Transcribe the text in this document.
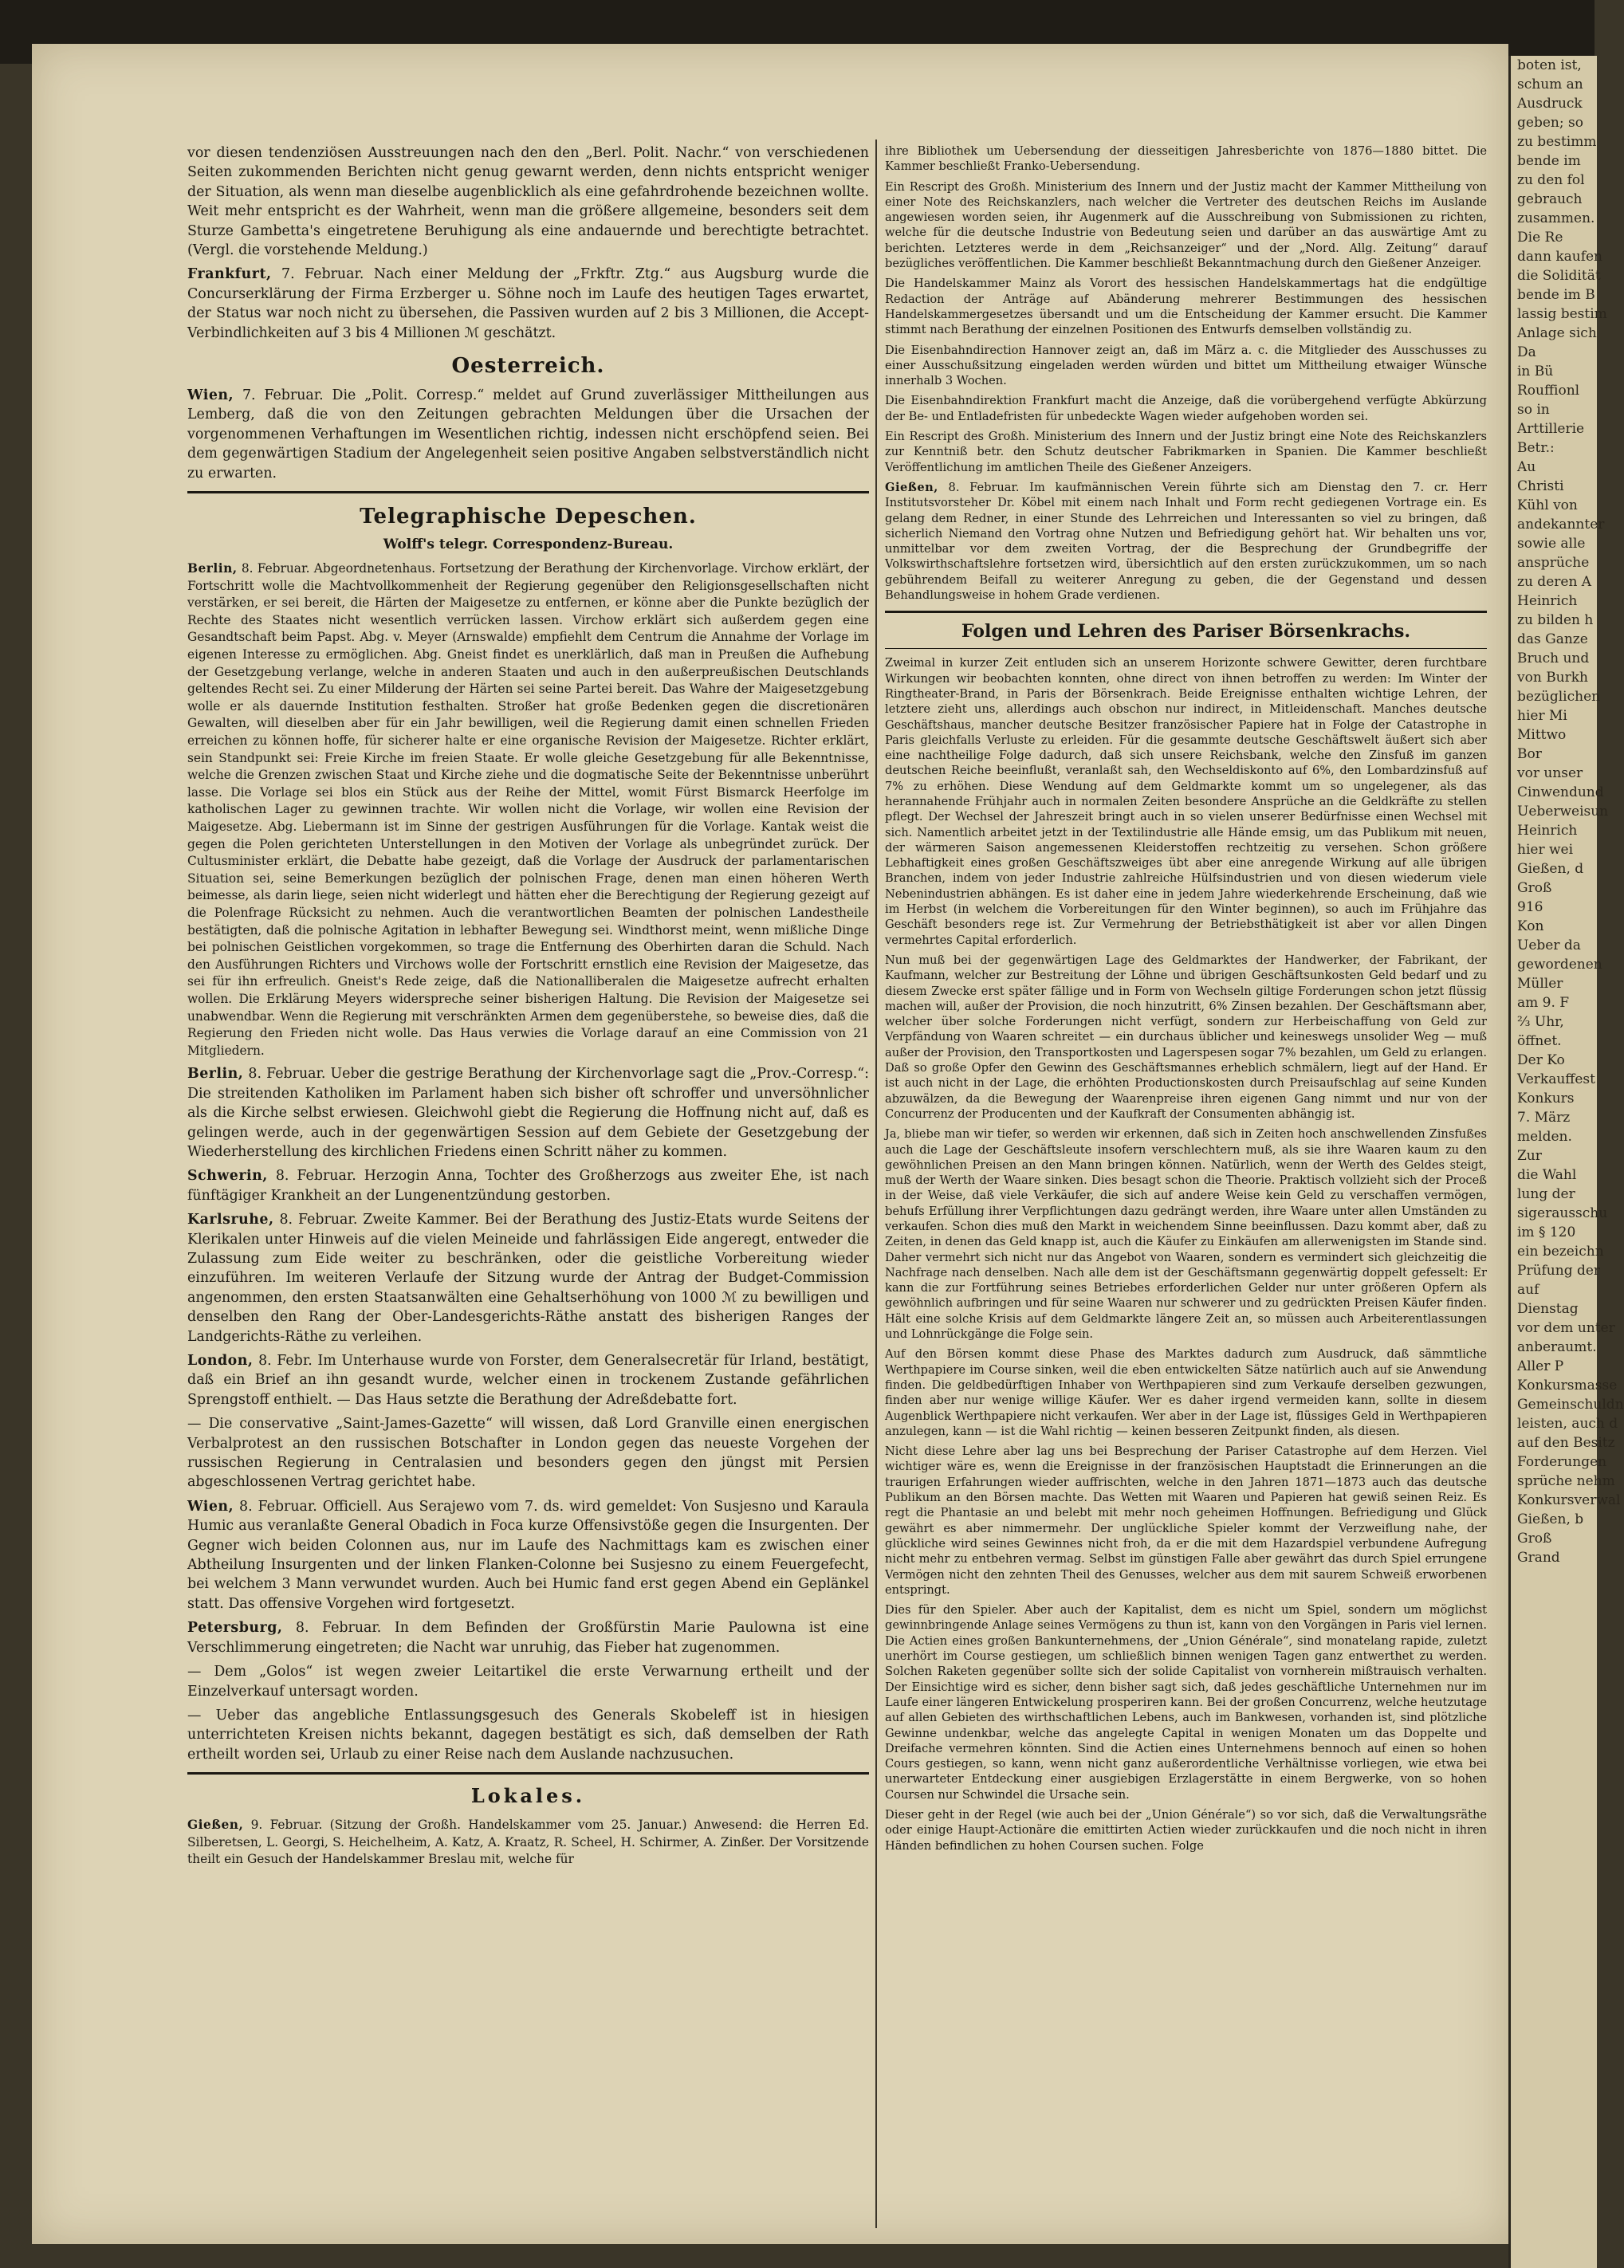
vor diesen tendenziösen Ausstreuungen nach den den „Berl. Polit. Nachr.“ von verschiedenen Seiten zukommenden Berichten nicht genug gewarnt werden, denn nichts entspricht weniger der Situation, als wenn man dieselbe augenblicklich als eine gefahrdrohende bezeichnen wollte. Weit mehr entspricht es der Wahrheit, wenn man die größere allgemeine, besonders seit dem Sturze Gambetta's eingetretene Beruhigung als eine andauernde und berechtigte betrachtet. (Vergl. die vorstehende Meldung.)

Frankfurt, 7. Februar. Nach einer Meldung der „Frkftr. Ztg.“ aus Augsburg wurde die Concurserklärung der Firma Erzberger u. Söhne noch im Laufe des heutigen Tages erwartet, der Status war noch nicht zu übersehen, die Passiven wurden auf 2 bis 3 Millionen, die Accept-Verbindlichkeiten auf 3 bis 4 Millionen ℳ geschätzt.

Oesterreich.

Wien, 7. Februar. Die „Polit. Corresp.“ meldet auf Grund zuverlässiger Mittheilungen aus Lemberg, daß die von den Zeitungen gebrachten Meldungen über die Ursachen der vorgenommenen Verhaftungen im Wesentlichen richtig, indessen nicht erschöpfend seien. Bei dem gegenwärtigen Stadium der Angelegenheit seien positive Angaben selbstverständlich nicht zu erwarten.

Telegraphische Depeschen.
Wolff's telegr. Correspondenz-Bureau.

Berlin, 8. Februar. Abgeordnetenhaus. Fortsetzung der Berathung der Kirchenvorlage. Virchow erklärt, der Fortschritt wolle die Machtvollkommenheit der Regierung gegenüber den Religionsgesellschaften nicht verstärken, er sei bereit, die Härten der Maigesetze zu entfernen, er könne aber die Punkte bezüglich der Rechte des Staates nicht wesentlich verrücken lassen. Virchow erklärt sich außerdem gegen eine Gesandtschaft beim Papst. Abg. v. Meyer (Arnswalde) empfiehlt dem Centrum die Annahme der Vorlage im eigenen Interesse zu ermöglichen. Abg. Gneist findet es unerklärlich, daß man in Preußen die Aufhebung der Gesetzgebung verlange, welche in anderen Staaten und auch in den außerpreußischen Deutschlands geltendes Recht sei. Zu einer Milderung der Härten sei seine Partei bereit. Das Wahre der Maigesetzgebung wolle er als dauernde Institution festhalten. Stroßer hat große Bedenken gegen die discretionären Gewalten, will dieselben aber für ein Jahr bewilligen, weil die Regierung damit einen schnellen Frieden erreichen zu können hoffe, für sicherer halte er eine organische Revision der Maigesetze. Richter erklärt, sein Standpunkt sei: Freie Kirche im freien Staate. Er wolle gleiche Gesetzgebung für alle Bekenntnisse, welche die Grenzen zwischen Staat und Kirche ziehe und die dogmatische Seite der Bekenntnisse unberührt lasse. Die Vorlage sei blos ein Stück aus der Reihe der Mittel, womit Fürst Bismarck Heerfolge im katholischen Lager zu gewinnen trachte. Wir wollen nicht die Vorlage, wir wollen eine Revision der Maigesetze. Abg. Liebermann ist im Sinne der gestrigen Ausführungen für die Vorlage. Kantak weist die gegen die Polen gerichteten Unterstellungen in den Motiven der Vorlage als unbegründet zurück. Der Cultusminister erklärt, die Debatte habe gezeigt, daß die Vorlage der Ausdruck der parlamentarischen Situation sei, seine Bemerkungen bezüglich der polnischen Frage, denen man einen höheren Werth beimesse, als darin liege, seien nicht widerlegt und hätten eher die Berechtigung der Regierung gezeigt auf die Polenfrage Rücksicht zu nehmen. Auch die verantwortlichen Beamten der polnischen Landestheile bestätigten, daß die polnische Agitation in lebhafter Bewegung sei. Windthorst meint, wenn mißliche Dinge bei polnischen Geistlichen vorgekommen, so trage die Entfernung des Oberhirten daran die Schuld. Nach den Ausführungen Richters und Virchows wolle der Fortschritt ernstlich eine Revision der Maigesetze, das sei für ihn erfreulich. Gneist's Rede zeige, daß die Nationalliberalen die Maigesetze aufrecht erhalten wollen. Die Erklärung Meyers widerspreche seiner bisherigen Haltung. Die Revision der Maigesetze sei unabwendbar. Wenn die Regierung mit verschränkten Armen dem gegenüberstehe, so beweise dies, daß die Regierung den Frieden nicht wolle. Das Haus verwies die Vorlage darauf an eine Commission von 21 Mitgliedern.

Berlin, 8. Februar. Ueber die gestrige Berathung der Kirchenvorlage sagt die „Prov.-Corresp.“: Die streitenden Katholiken im Parlament haben sich bisher oft schroffer und unversöhnlicher als die Kirche selbst erwiesen. Gleichwohl giebt die Regierung die Hoffnung nicht auf, daß es gelingen werde, auch in der gegenwärtigen Session auf dem Gebiete der Gesetzgebung der Wiederherstellung des kirchlichen Friedens einen Schritt näher zu kommen.

Schwerin, 8. Februar. Herzogin Anna, Tochter des Großherzogs aus zweiter Ehe, ist nach fünftägiger Krankheit an der Lungenentzündung gestorben.

Karlsruhe, 8. Februar. Zweite Kammer. Bei der Berathung des Justiz-Etats wurde Seitens der Klerikalen unter Hinweis auf die vielen Meineide und fahrlässigen Eide angeregt, entweder die Zulassung zum Eide weiter zu beschränken, oder die geistliche Vorbereitung wieder einzuführen. Im weiteren Verlaufe der Sitzung wurde der Antrag der Budget-Commission angenommen, den ersten Staatsanwälten eine Gehaltserhöhung von 1000 ℳ zu bewilligen und denselben den Rang der Ober-Landesgerichts-Räthe anstatt des bisherigen Ranges der Landgerichts-Räthe zu verleihen.

London, 8. Febr. Im Unterhause wurde von Forster, dem Generalsecretär für Irland, bestätigt, daß ein Brief an ihn gesandt wurde, welcher einen in trockenem Zustande gefährlichen Sprengstoff enthielt. — Das Haus setzte die Berathung der Adreßdebatte fort.

— Die conservative „Saint-James-Gazette“ will wissen, daß Lord Granville einen energischen Verbalprotest an den russischen Botschafter in London gegen das neueste Vorgehen der russischen Regierung in Centralasien und besonders gegen den jüngst mit Persien abgeschlossenen Vertrag gerichtet habe.

Wien, 8. Februar. Officiell. Aus Serajewo vom 7. ds. wird gemeldet: Von Susjesno und Karaula Humic aus veranlaßte General Obadich in Foca kurze Offensivstöße gegen die Insurgenten. Der Gegner wich beiden Colonnen aus, nur im Laufe des Nachmittags kam es zwischen einer Abtheilung Insurgenten und der linken Flanken-Colonne bei Susjesno zu einem Feuergefecht, bei welchem 3 Mann verwundet wurden. Auch bei Humic fand erst gegen Abend ein Geplänkel statt. Das offensive Vorgehen wird fortgesetzt.

Petersburg, 8. Februar. In dem Befinden der Großfürstin Marie Paulowna ist eine Verschlimmerung eingetreten; die Nacht war unruhig, das Fieber hat zugenommen.

— Dem „Golos“ ist wegen zweier Leitartikel die erste Verwarnung ertheilt und der Einzelverkauf untersagt worden.

— Ueber das angebliche Entlassungsgesuch des Generals Skobeleff ist in hiesigen unterrichteten Kreisen nichts bekannt, dagegen bestätigt es sich, daß demselben der Rath ertheilt worden sei, Urlaub zu einer Reise nach dem Auslande nachzusuchen.

Lokales.

Gießen, 9. Februar. (Sitzung der Großh. Handelskammer vom 25. Januar.) Anwesend: die Herren Ed. Silberetsen, L. Georgi, S. Heichelheim, A. Katz, A. Kraatz, R. Scheel, H. Schirmer, A. Zinßer. Der Vorsitzende theilt ein Gesuch der Handelskammer Breslau mit, welche für

ihre Bibliothek um Uebersendung der diesseitigen Jahresberichte von 1876—1880 bittet. Die Kammer beschließt Franko-Uebersendung.

Ein Rescript des Großh. Ministerium des Innern und der Justiz macht der Kammer Mittheilung von einer Note des Reichskanzlers, nach welcher die Vertreter des deutschen Reichs im Auslande angewiesen worden seien, ihr Augenmerk auf die Ausschreibung von Submissionen zu richten, welche für die deutsche Industrie von Bedeutung seien und darüber an das auswärtige Amt zu berichten. Letzteres werde in dem „Reichsanzeiger“ und der „Nord. Allg. Zeitung“ darauf bezügliches veröffentlichen. Die Kammer beschließt Bekanntmachung durch den Gießener Anzeiger.

Die Handelskammer Mainz als Vorort des hessischen Handelskammertags hat die endgültige Redaction der Anträge auf Abänderung mehrerer Bestimmungen des hessischen Handelskammergesetzes übersandt und um die Entscheidung der Kammer ersucht. Die Kammer stimmt nach Berathung der einzelnen Positionen des Entwurfs demselben vollständig zu.

Die Eisenbahndirection Hannover zeigt an, daß im März a. c. die Mitglieder des Ausschusses zu einer Ausschußsitzung eingeladen werden würden und bittet um Mittheilung etwaiger Wünsche innerhalb 3 Wochen.

Die Eisenbahndirektion Frankfurt macht die Anzeige, daß die vorübergehend verfügte Abkürzung der Be- und Entladefristen für unbedeckte Wagen wieder aufgehoben worden sei.

Ein Rescript des Großh. Ministerium des Innern und der Justiz bringt eine Note des Reichskanzlers zur Kenntniß betr. den Schutz deutscher Fabrikmarken in Spanien. Die Kammer beschließt Veröffentlichung im amtlichen Theile des Gießener Anzeigers.

Gießen, 8. Februar. Im kaufmännischen Verein führte sich am Dienstag den 7. cr. Herr Institutsvorsteher Dr. Köbel mit einem nach Inhalt und Form recht gediegenen Vortrage ein. Es gelang dem Redner, in einer Stunde des Lehrreichen und Interessanten so viel zu bringen, daß sicherlich Niemand den Vortrag ohne Nutzen und Befriedigung gehört hat. Wir behalten uns vor, unmittelbar vor dem zweiten Vortrag, der die Besprechung der Grundbegriffe der Volkswirthschaftslehre fortsetzen wird, übersichtlich auf den ersten zurückzukommen, um so nach gebührendem Beifall zu weiterer Anregung zu geben, die der Gegenstand und dessen Behandlungsweise in hohem Grade verdienen.

Folgen und Lehren des Pariser Börsenkrachs.

Zweimal in kurzer Zeit entluden sich an unserem Horizonte schwere Gewitter, deren furchtbare Wirkungen wir beobachten konnten, ohne direct von ihnen betroffen zu werden: Im Winter der Ringtheater-Brand, in Paris der Börsenkrach. Beide Ereignisse enthalten wichtige Lehren, der letztere zieht uns, allerdings auch obschon nur indirect, in Mitleidenschaft. Manches deutsche Geschäftshaus, mancher deutsche Besitzer französischer Papiere hat in Folge der Catastrophe in Paris gleichfalls Verluste zu erleiden. Für die gesammte deutsche Geschäftswelt äußert sich aber eine nachtheilige Folge dadurch, daß sich unsere Reichsbank, welche den Zinsfuß im ganzen deutschen Reiche beeinflußt, veranlaßt sah, den Wechseldiskonto auf 6%, den Lombardzinsfuß auf 7% zu erhöhen. Diese Wendung auf dem Geldmarkte kommt um so ungelegener, als das herannahende Frühjahr auch in normalen Zeiten besondere Ansprüche an die Geldkräfte zu stellen pflegt. Der Wechsel der Jahreszeit bringt auch in so vielen unserer Bedürfnisse einen Wechsel mit sich. Namentlich arbeitet jetzt in der Textilindustrie alle Hände emsig, um das Publikum mit neuen, der wärmeren Saison angemessenen Kleiderstoffen rechtzeitig zu versehen. Schon größere Lebhaftigkeit eines großen Geschäftszweiges übt aber eine anregende Wirkung auf alle übrigen Branchen, indem von jeder Industrie zahlreiche Hülfsindustrien und von diesen wiederum viele Nebenindustrien abhängen. Es ist daher eine in jedem Jahre wiederkehrende Erscheinung, daß wie im Herbst (in welchem die Vorbereitungen für den Winter beginnen), so auch im Frühjahre das Geschäft besonders rege ist. Zur Vermehrung der Betriebsthätigkeit ist aber vor allen Dingen vermehrtes Capital erforderlich.

Nun muß bei der gegenwärtigen Lage des Geldmarktes der Handwerker, der Fabrikant, der Kaufmann, welcher zur Bestreitung der Löhne und übrigen Geschäftsunkosten Geld bedarf und zu diesem Zwecke erst später fällige und in Form von Wechseln giltige Forderungen schon jetzt flüssig machen will, außer der Provision, die noch hinzutritt, 6% Zinsen bezahlen. Der Geschäftsmann aber, welcher über solche Forderungen nicht verfügt, sondern zur Herbeischaffung von Geld zur Verpfändung von Waaren schreitet — ein durchaus üblicher und keineswegs unsolider Weg — muß außer der Provision, den Transportkosten und Lagerspesen sogar 7% bezahlen, um Geld zu erlangen. Daß so große Opfer den Gewinn des Geschäftsmannes erheblich schmälern, liegt auf der Hand. Er ist auch nicht in der Lage, die erhöhten Productionskosten durch Preisaufschlag auf seine Kunden abzuwälzen, da die Bewegung der Waarenpreise ihren eigenen Gang nimmt und nur von der Concurrenz der Producenten und der Kaufkraft der Consumenten abhängig ist.

Ja, bliebe man wir tiefer, so werden wir erkennen, daß sich in Zeiten hoch anschwellenden Zinsfußes auch die Lage der Geschäftsleute insofern verschlechtern muß, als sie ihre Waaren kaum zu den gewöhnlichen Preisen an den Mann bringen können. Natürlich, wenn der Werth des Geldes steigt, muß der Werth der Waare sinken. Dies besagt schon die Theorie. Praktisch vollzieht sich der Proceß in der Weise, daß viele Verkäufer, die sich auf andere Weise kein Geld zu verschaffen vermögen, behufs Erfüllung ihrer Verpflichtungen dazu gedrängt werden, ihre Waare unter allen Umständen zu verkaufen. Schon dies muß den Markt in weichendem Sinne beeinflussen. Dazu kommt aber, daß zu Zeiten, in denen das Geld knapp ist, auch die Käufer zu Einkäufen am allerwenigsten im Stande sind. Daher vermehrt sich nicht nur das Angebot von Waaren, sondern es vermindert sich gleichzeitig die Nachfrage nach denselben. Nach alle dem ist der Geschäftsmann gegenwärtig doppelt gefesselt: Er kann die zur Fortführung seines Betriebes erforderlichen Gelder nur unter größeren Opfern als gewöhnlich aufbringen und für seine Waaren nur schwerer und zu gedrückten Preisen Käufer finden. Hält eine solche Krisis auf dem Geldmarkte längere Zeit an, so müssen auch Arbeiterentlassungen und Lohnrückgänge die Folge sein.

Auf den Börsen kommt diese Phase des Marktes dadurch zum Ausdruck, daß sämmtliche Werthpapiere im Course sinken, weil die eben entwickelten Sätze natürlich auch auf sie Anwendung finden. Die geldbedürftigen Inhaber von Werthpapieren sind zum Verkaufe derselben gezwungen, finden aber nur wenige willige Käufer. Wer es daher irgend vermeiden kann, sollte in diesem Augenblick Werthpapiere nicht verkaufen. Wer aber in der Lage ist, flüssiges Geld in Werthpapieren anzulegen, kann — ist die Wahl richtig — keinen besseren Zeitpunkt finden, als diesen.

Nicht diese Lehre aber lag uns bei Besprechung der Pariser Catastrophe auf dem Herzen. Viel wichtiger wäre es, wenn die Ereignisse in der französischen Hauptstadt die Erinnerungen an die traurigen Erfahrungen wieder auffrischten, welche in den Jahren 1871—1873 auch das deutsche Publikum an den Börsen machte. Das Wetten mit Waaren und Papieren hat gewiß seinen Reiz. Es regt die Phantasie an und belebt mit mehr noch geheimen Hoffnungen. Befriedigung und Glück gewährt es aber nimmermehr. Der unglückliche Spieler kommt der Verzweiflung nahe, der glückliche wird seines Gewinnes nicht froh, da er die mit dem Hazardspiel verbundene Aufregung nicht mehr zu entbehren vermag. Selbst im günstigen Falle aber gewährt das durch Spiel errungene Vermögen nicht den zehnten Theil des Genusses, welcher aus dem mit saurem Schweiß erworbenen entspringt.

Dies für den Spieler. Aber auch der Kapitalist, dem es nicht um Spiel, sondern um möglichst gewinnbringende Anlage seines Vermögens zu thun ist, kann von den Vorgängen in Paris viel lernen. Die Actien eines großen Bankunternehmens, der „Union Générale“, sind monatelang rapide, zuletzt unerhört im Course gestiegen, um schließlich binnen wenigen Tagen ganz entwerthet zu werden. Solchen Raketen gegenüber sollte sich der solide Capitalist von vornherein mißtrauisch verhalten. Der Einsichtige wird es sicher, denn bisher sagt sich, daß jedes geschäftliche Unternehmen nur im Laufe einer längeren Entwickelung prosperiren kann. Bei der großen Concurrenz, welche heutzutage auf allen Gebieten des wirthschaftlichen Lebens, auch im Bankwesen, vorhanden ist, sind plötzliche Gewinne undenkbar, welche das angelegte Capital in wenigen Monaten um das Doppelte und Dreifache vermehren könnten. Sind die Actien eines Unternehmens bennoch auf einen so hohen Cours gestiegen, so kann, wenn nicht ganz außerordentliche Verhältnisse vorliegen, wie etwa bei unerwarteter Entdeckung einer ausgiebigen Erzlagerstätte in einem Bergwerke, von so hohen Coursen nur Schwindel die Ursache sein.

Dieser geht in der Regel (wie auch bei der „Union Générale“) so vor sich, daß die Verwaltungsräthe oder einige Haupt-Actionäre die emittirten Actien wieder zurückkaufen und die noch nicht in ihren Händen befindlichen zu hohen Coursen suchen. Folge

boten ist,
schum an
Ausdruck
geben; so
zu bestimm
bende im
zu den fol
gebrauch
zusammen.
Die Re
dann kaufen
die Solidität
bende im B
lassig bestim
Anlage sich
Da
in Bü
Rouffionl
so in
Arttillerie
Betr.:
Au
Christi
Kühl von
andekannter
sowie alle
ansprüche
zu deren A
Heinrich
zu bilden h
das Ganze
Bruch und
von Burkh
bezüglichen
hier Mi
Mittwo
Bor
vor unser
Cinwendund
Ueberweisun
Heinrich
hier wei
Gießen, d
Groß
916
Kon
Ueber da
gewordenen
Müller
am 9. F
⅔ Uhr,
öffnet.
Der Ko
Verkauffest
Konkurs
7. März
melden.
Zur
die Wahl
lung der
sigerausschu
im § 120
ein bezeichn
Prüfung der
auf
Dienstag
vor dem unter
anberaumt.
Aller P
Konkursmasse
Gemeinschuldn
leisten, auch d
auf den Besitz
Forderungen
sprüche nehm
Konkursverwal
Gießen, b
Groß
Grand
